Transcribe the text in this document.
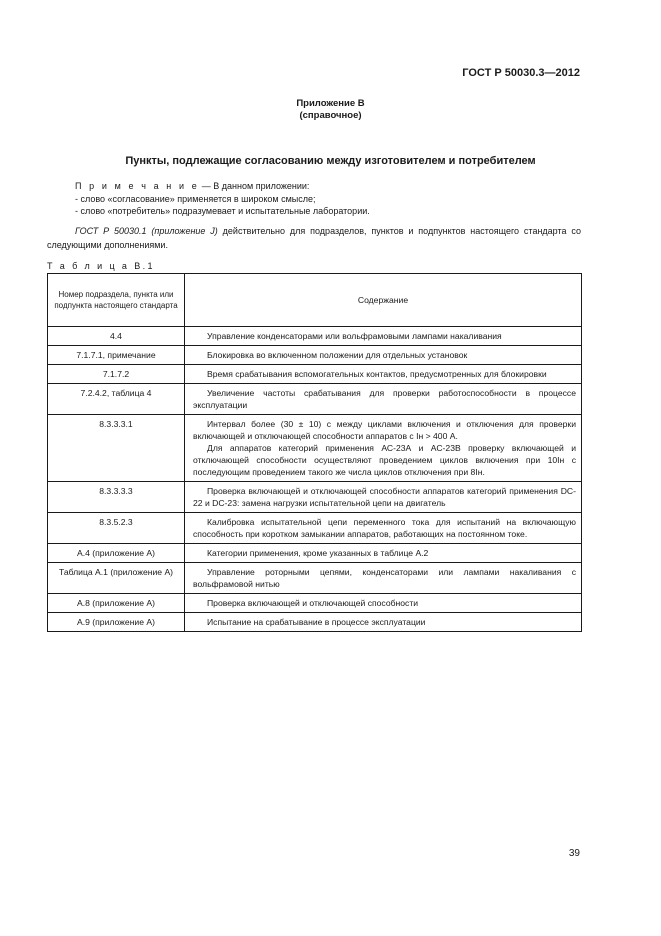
ГОСТ Р 50030.3—2012
Приложение В
(справочное)
Пункты, подлежащие согласованию между изготовителем и потребителем
П р и м е ч а н и е — В данном приложении:
- слово «согласование» применяется в широком смысле;
- слово «потребитель» подразумевает и испытательные лаборатории.
ГОСТ Р 50030.1 (приложение J) действительно для подразделов, пунктов и подпунктов настоящего стандарта со следующими дополнениями.
Т а б л и ц а В.1
Номер подраздела, пункта или подпункта настоящего стандарта	Содержание
4.4	Управление конденсаторами или вольфрамовыми лампами накаливания

7.1.7.1, примечание	Блокировка во включенном положении для отдельных установок

7.1.7.2	Время срабатывания вспомогательных контактов, предусмотренных для блокировки

7.2.4.2, таблица 4	Увеличение частоты срабатывания для проверки работоспособности в процессе эксплуатации

8.3.3.3.1	Интервал более (30 ± 10) с между циклами включения и отключения для проверки включающей и отключающей способности аппаратов с Iн > 400 А.
Для аппаратов категорий применения АС-23А и АС-23В проверку включающей и отключающей способности осуществляют проведением циклов включения при 10Iн с последующим проведением такого же числа циклов отключения при 8Iн.

8.3.3.3.3	Проверка включающей и отключающей способности аппаратов категорий применения DC-22 и DC-23: замена нагрузки испытательной цепи на двигатель

8.3.5.2.3	Калибровка испытательной цепи переменного тока для испытаний на включающую способность при коротком замыкании аппаратов, работающих на постоянном токе.

А.4 (приложение А)	Категории применения, кроме указанных в таблице А.2

Таблица А.1 (приложение А)	Управление роторными цепями, конденсаторами или лампами накаливания с вольфрамовой нитью

А.8 (приложение А)	Проверка включающей и отключающей способности

А.9 (приложение А)	Испытание на срабатывание в процессе эксплуатации
39
